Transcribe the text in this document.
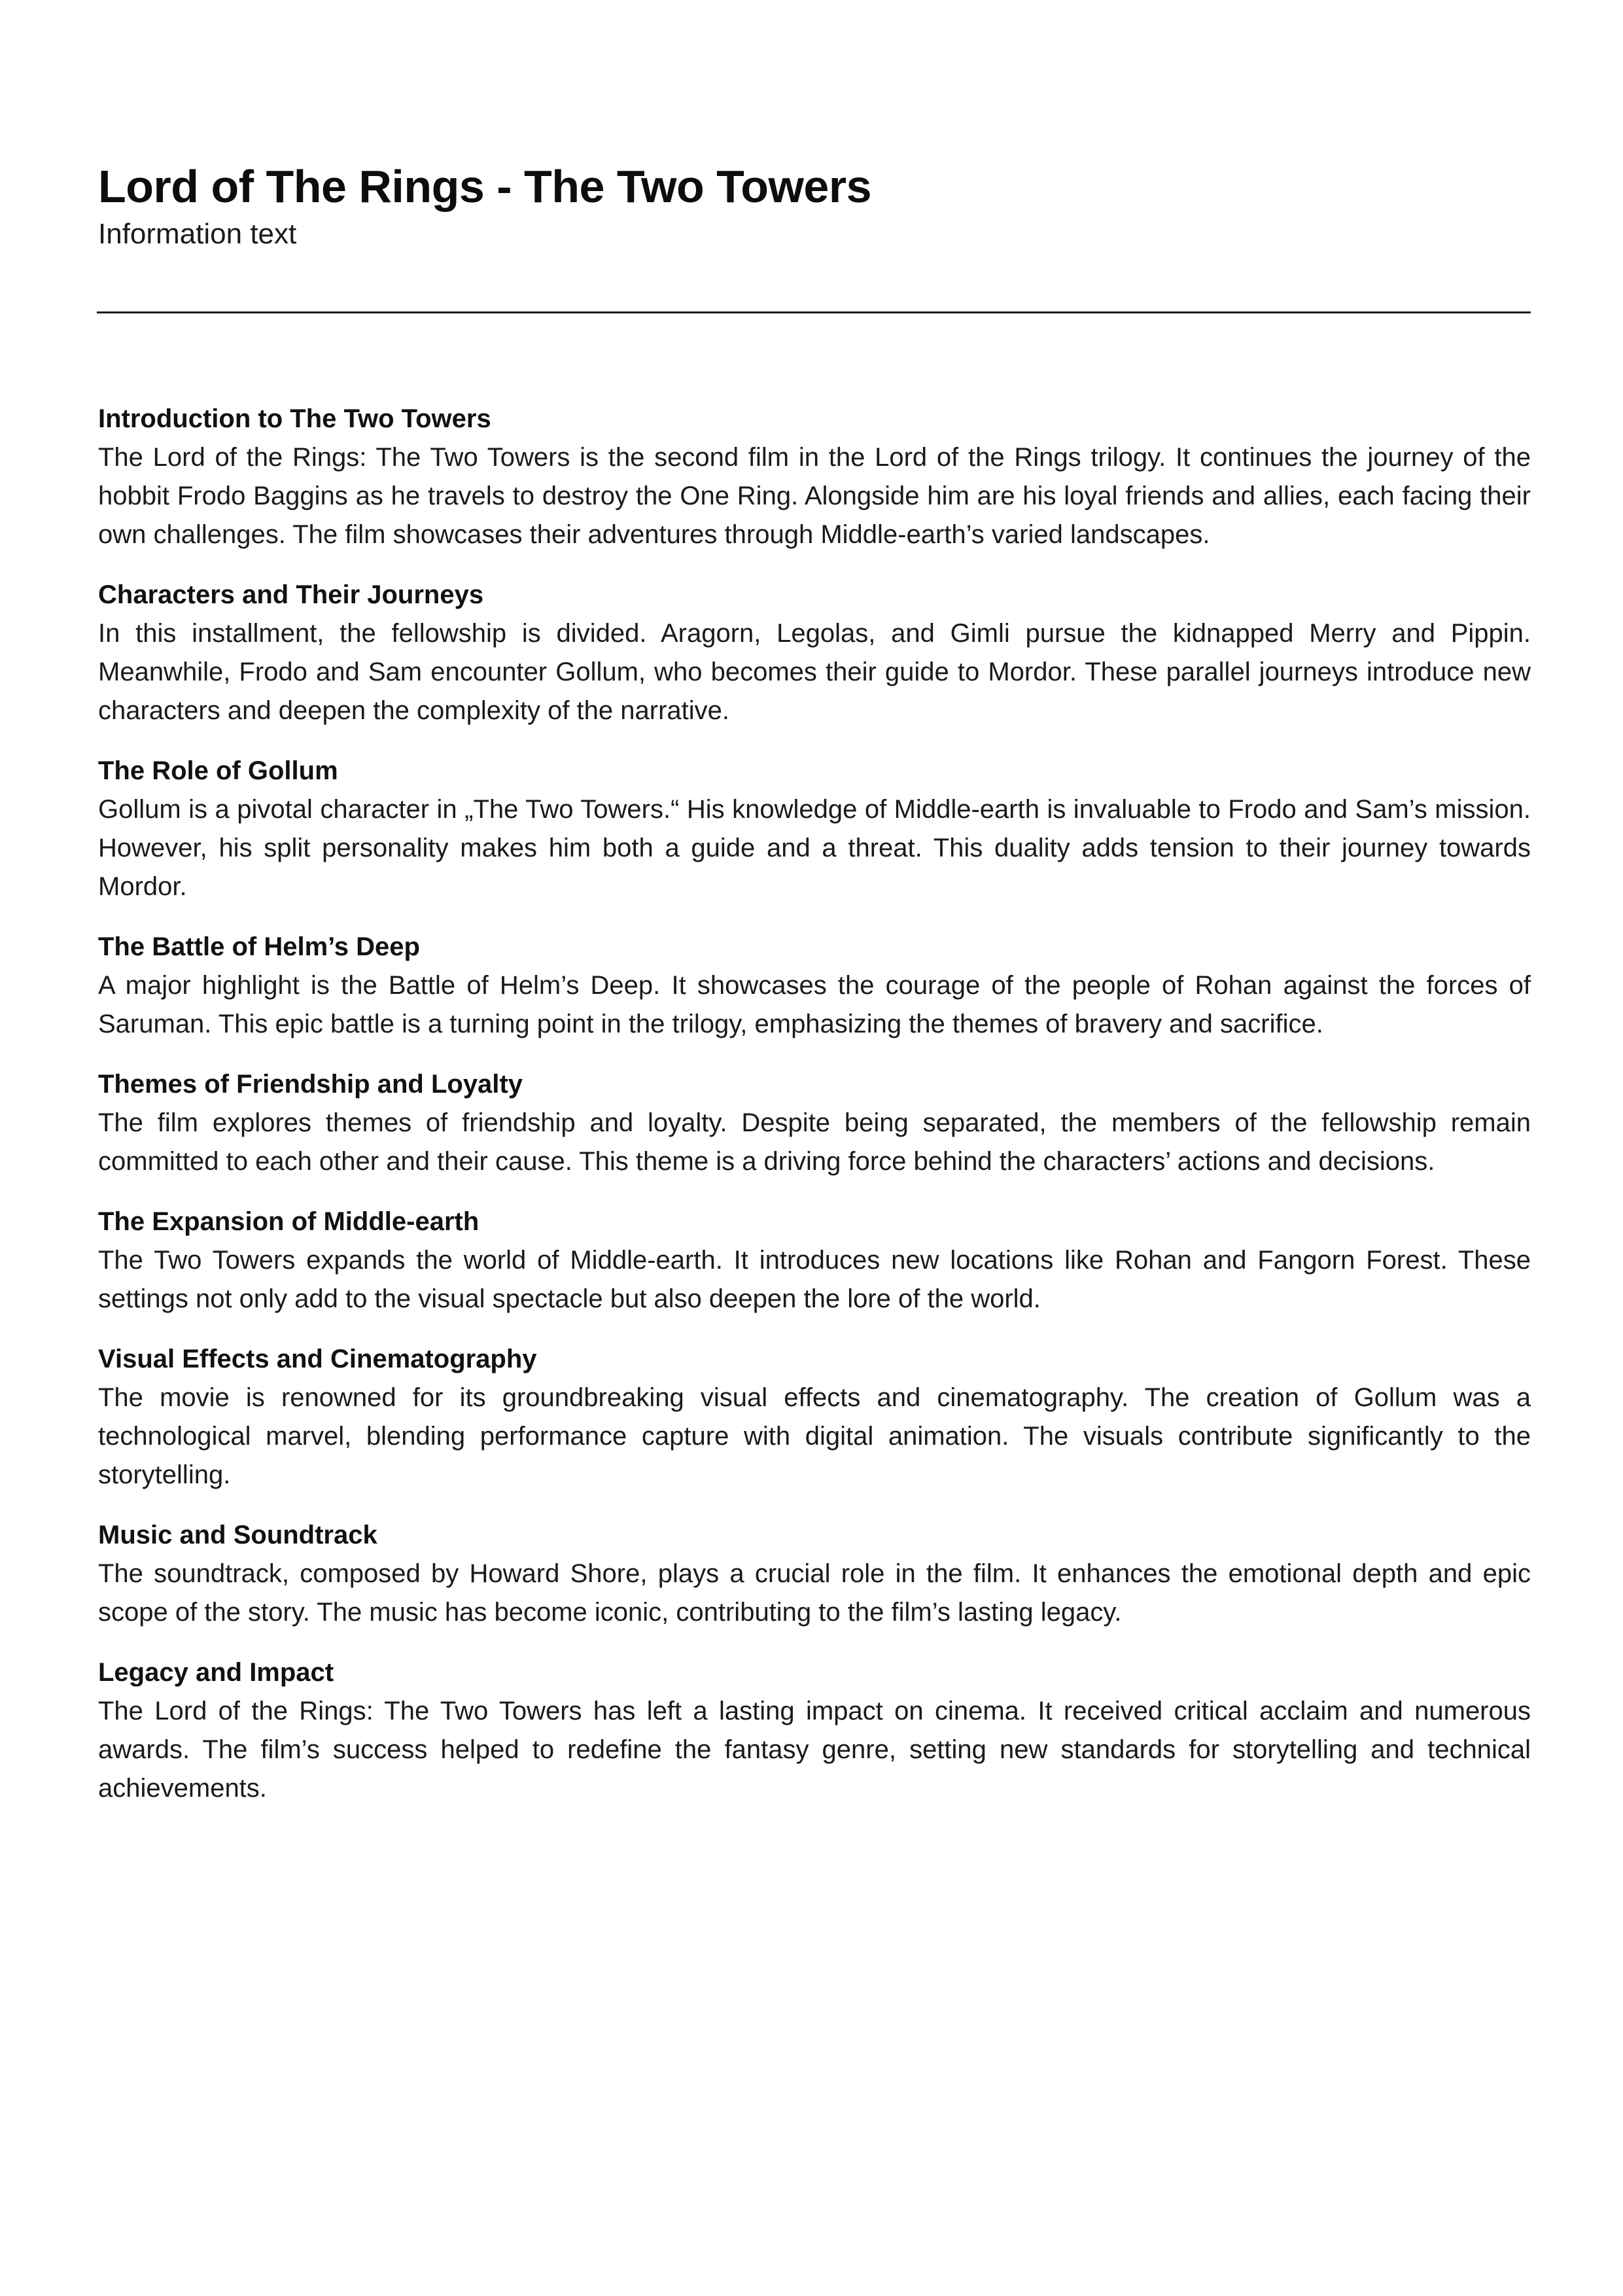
Lord of The Rings - The Two Towers

Information text

Introduction to The Two Towers

The Lord of the Rings: The Two Towers is the second film in the Lord of the Rings trilogy. It continues the journey of the hobbit Frodo Baggins as he travels to destroy the One Ring. Alongside him are his loyal friends and allies, each facing their own challenges. The film showcases their adventures through Middle-earth’s varied landscapes.

Characters and Their Journeys

In this installment, the fellowship is divided. Aragorn, Legolas, and Gimli pursue the kidnapped Merry and Pippin. Meanwhile, Frodo and Sam encounter Gollum, who becomes their guide to Mordor. These parallel journeys introduce new characters and deepen the complexity of the narrative.

The Role of Gollum

Gollum is a pivotal character in „The Two Towers.“ His knowledge of Middle-earth is invaluable to Frodo and Sam’s mission. However, his split personality makes him both a guide and a threat. This duality adds tension to their journey towards Mordor.

The Battle of Helm’s Deep

A major highlight is the Battle of Helm’s Deep. It showcases the courage of the people of Rohan against the forces of Saruman. This epic battle is a turning point in the trilogy, emphasizing the themes of bravery and sacrifice.

Themes of Friendship and Loyalty

The film explores themes of friendship and loyalty. Despite being separated, the members of the fellowship remain committed to each other and their cause. This theme is a driving force behind the characters’ actions and decisions.

The Expansion of Middle-earth

The Two Towers expands the world of Middle-earth. It introduces new locations like Rohan and Fangorn Forest. These settings not only add to the visual spectacle but also deepen the lore of the world.

Visual Effects and Cinematography

The movie is renowned for its groundbreaking visual effects and cinematography. The creation of Gollum was a technological marvel, blending performance capture with digital animation. The visuals contribute significantly to the storytelling.

Music and Soundtrack

The soundtrack, composed by Howard Shore, plays a crucial role in the film. It enhances the emotional depth and epic scope of the story. The music has become iconic, contributing to the film’s lasting legacy.

Legacy and Impact

The Lord of the Rings: The Two Towers has left a lasting impact on cinema. It received critical acclaim and numerous awards. The film’s success helped to redefine the fantasy genre, setting new standards for storytelling and technical achievements.
